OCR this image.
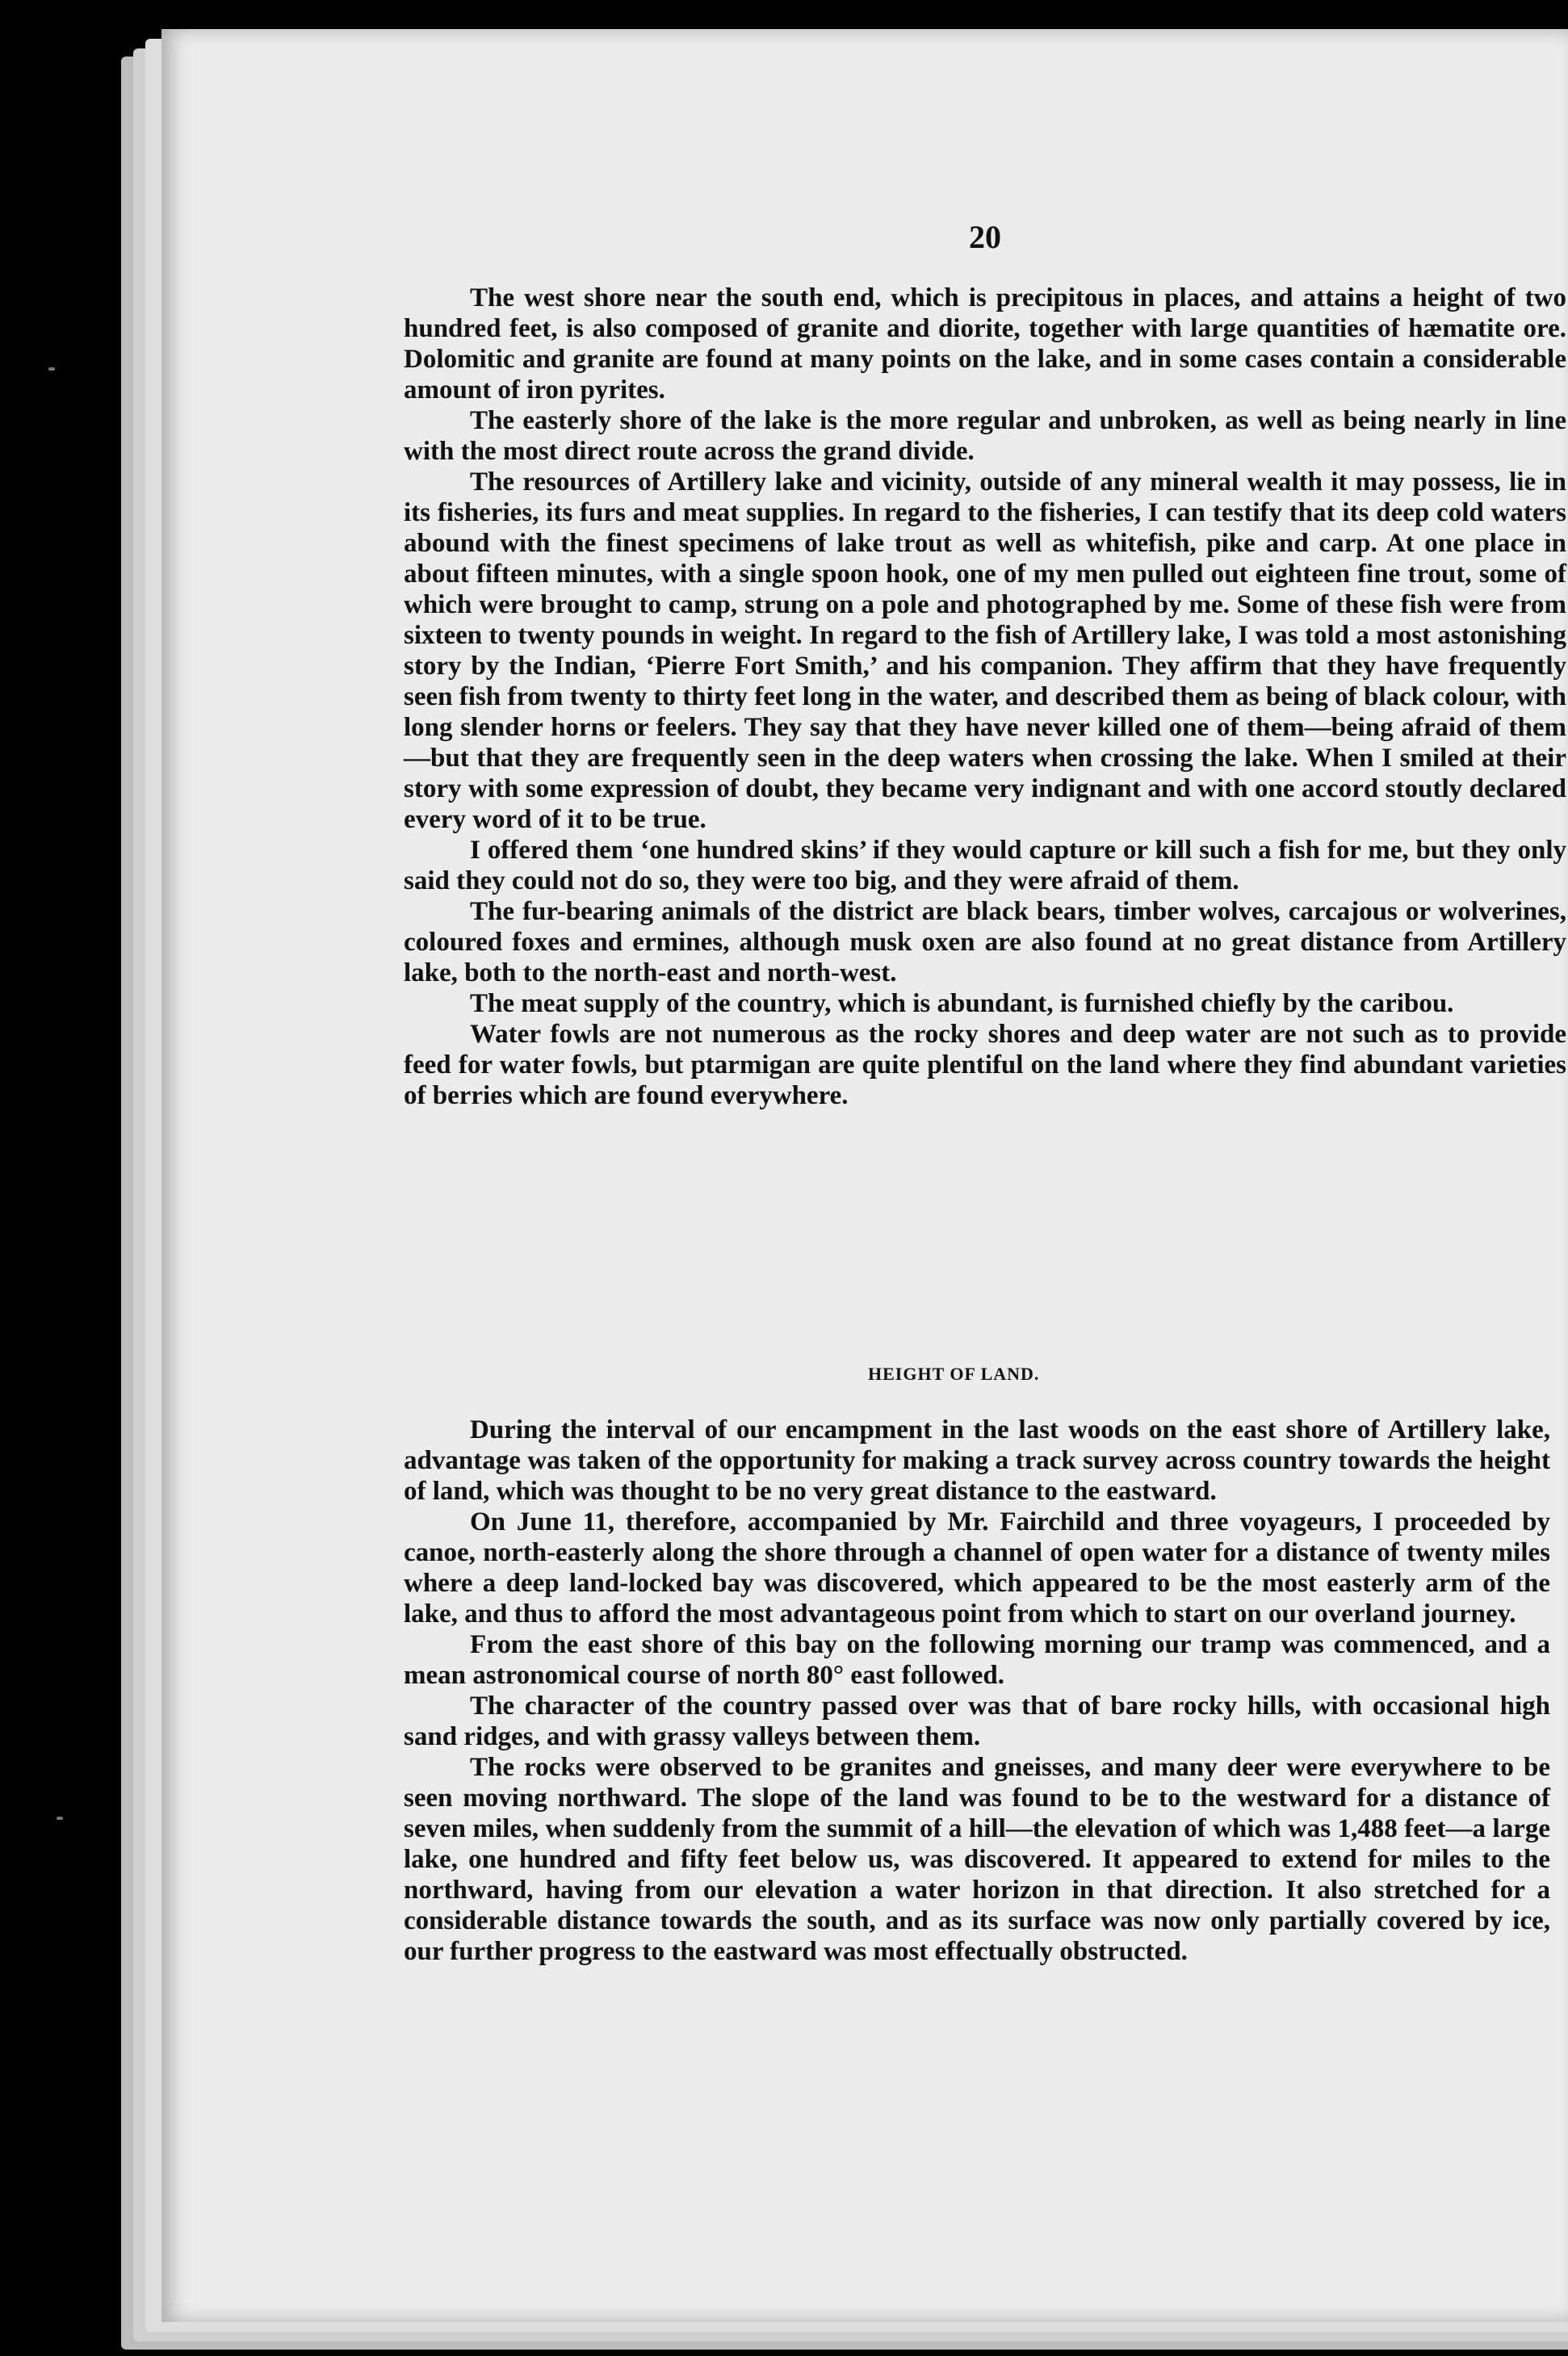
20

The west shore near the south end, which is precipitous in places, and attains a height of two hundred feet, is also composed of granite and diorite, together with large quantities of hæmatite ore. Dolomitic and granite are found at many points on the lake, and in some cases contain a considerable amount of iron pyrites.

The easterly shore of the lake is the more regular and unbroken, as well as being nearly in line with the most direct route across the grand divide.

The resources of Artillery lake and vicinity, outside of any mineral wealth it may possess, lie in its fisheries, its furs and meat supplies. In regard to the fisheries, I can testify that its deep cold waters abound with the finest specimens of lake trout as well as whitefish, pike and carp. At one place in about fifteen minutes, with a single spoon hook, one of my men pulled out eighteen fine trout, some of which were brought to camp, strung on a pole and photographed by me. Some of these fish were from sixteen to twenty pounds in weight. In regard to the fish of Artillery lake, I was told a most astonishing story by the Indian, ‘Pierre Fort Smith,’ and his companion. They affirm that they have frequently seen fish from twenty to thirty feet long in the water, and described them as being of black colour, with long slender horns or feelers. They say that they have never killed one of them—being afraid of them—but that they are frequently seen in the deep waters when crossing the lake. When I smiled at their story with some expression of doubt, they became very indignant and with one accord stoutly declared every word of it to be true.

I offered them ‘one hundred skins’ if they would capture or kill such a fish for me, but they only said they could not do so, they were too big, and they were afraid of them.

The fur-bearing animals of the district are black bears, timber wolves, carcajous or wolverines, coloured foxes and ermines, although musk oxen are also found at no great distance from Artillery lake, both to the north-east and north-west.

The meat supply of the country, which is abundant, is furnished chiefly by the caribou.

Water fowls are not numerous as the rocky shores and deep water are not such as to provide feed for water fowls, but ptarmigan are quite plentiful on the land where they find abundant varieties of berries which are found everywhere.

HEIGHT OF LAND.

During the interval of our encampment in the last woods on the east shore of Artillery lake, advantage was taken of the opportunity for making a track survey across country towards the height of land, which was thought to be no very great distance to the eastward.

On June 11, therefore, accompanied by Mr. Fairchild and three voyageurs, I proceeded by canoe, north-easterly along the shore through a channel of open water for a distance of twenty miles where a deep land-locked bay was discovered, which appeared to be the most easterly arm of the lake, and thus to afford the most advantageous point from which to start on our overland journey.

From the east shore of this bay on the following morning our tramp was commenced, and a mean astronomical course of north 80° east followed.

The character of the country passed over was that of bare rocky hills, with occasional high sand ridges, and with grassy valleys between them.

The rocks were observed to be granites and gneisses, and many deer were everywhere to be seen moving northward. The slope of the land was found to be to the westward for a distance of seven miles, when suddenly from the summit of a hill—the elevation of which was 1,488 feet—a large lake, one hundred and fifty feet below us, was discovered. It appeared to extend for miles to the northward, having from our elevation a water horizon in that direction. It also stretched for a considerable distance towards the south, and as its surface was now only partially covered by ice, our further progress to the eastward was most effectually obstructed.
